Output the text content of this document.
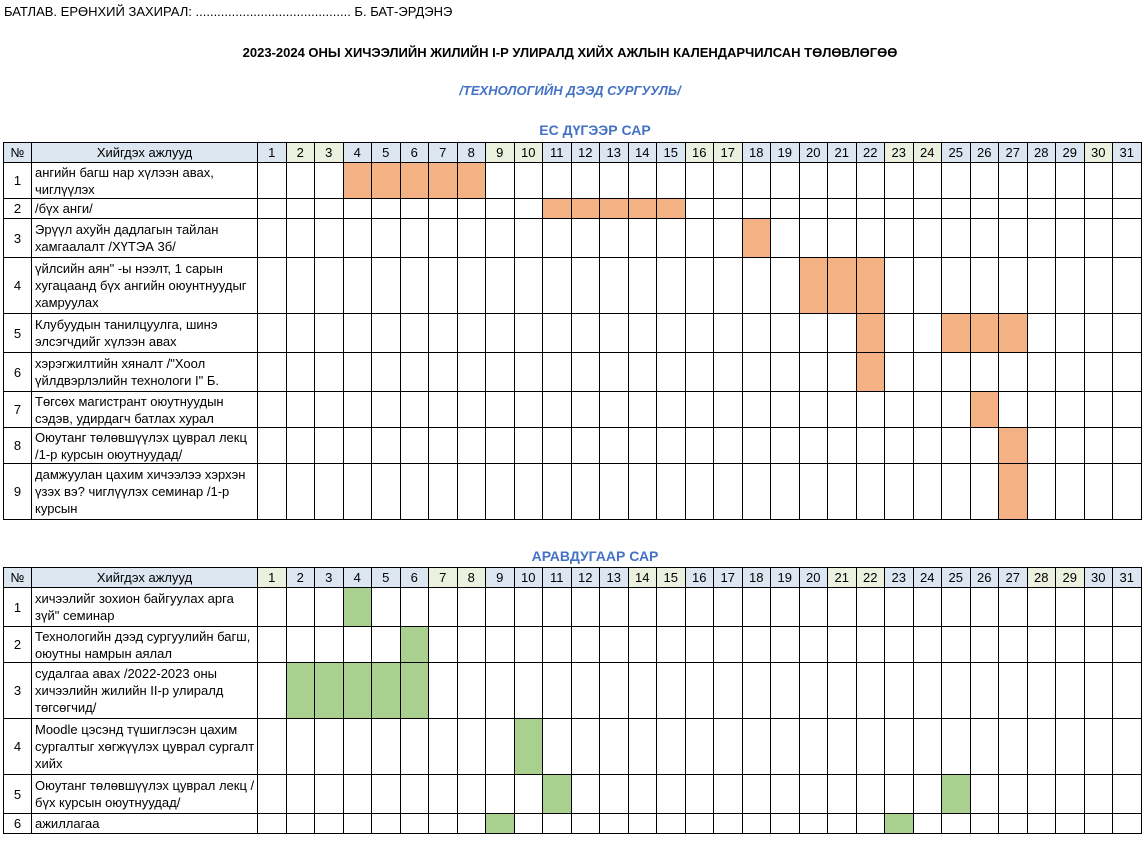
БАТЛАВ. ЕРӨНХИЙ ЗАХИРАЛ: ........................................... Б. БАТ-ЭРДЭНЭ
2023-2024 ОНЫ ХИЧЭЭЛИЙН ЖИЛИЙН I-Р УЛИРАЛД ХИЙХ АЖЛЫН КАЛЕНДАРЧИЛСАН ТӨЛӨВЛӨГӨӨ
/ТЕХНОЛОГИЙН ДЭЭД СУРГУУЛЬ/
ЕС ДҮГЭЭР САР
№	Хийгдэх ажлууд	1	2	3	4	5	6	7	8	9	10	11	12	13	14	15	16	17	18	19	20	21	22	23	24	25	26	27	28	29	30	31
1	ангийн багш нар хүлээн авах, чиглүүлэх																															
2	/бүх анги/																															
3	Эрүүл ахуйн дадлагын тайлан хамгаалалт /ХҮТЭА 3б/																															
4	үйлсийн аян" -ы нээлт, 1 сарын хугацаанд бүх ангийн оюунтнуудыг хамруулах																															
5	Клубуудын танилцуулга, шинэ элсэгчдийг хүлээн авах																															
6	хэрэгжилтийн хяналт /"Хоол үйлдвэрлэлийн технологи I" Б.																															
7	Төгсөх магистрант оюутнуудын сэдэв, удирдагч батлах хурал																															
8	Оюутанг төлөвшүүлэх цуврал лекц /1-р курсын оюутнуудад/																															
9	дамжуулан цахим хичээлээ хэрхэн үзэх вэ? чиглүүлэх семинар /1-р курсын																															
АРАВДУГААР САР
№	Хийгдэх ажлууд	1	2	3	4	5	6	7	8	9	10	11	12	13	14	15	16	17	18	19	20	21	22	23	24	25	26	27	28	29	30	31
1	хичээлийг зохион байгуулах арга зүй" семинар																															
2	Технологийн дээд сургуулийн багш, оюутны намрын аялал																															
3	судалгаа авах /2022-2023 оны хичээлийн жилийн II-р улиралд төгсөгчид/																															
4	Moodle цэсэнд түшиглэсэн цахим сургалтыг хөгжүүлэх цуврал сургалт хийх																															
5	Оюутанг төлөвшүүлэх цуврал лекц /бүх курсын оюутнуудад/																															
6	ажиллагаа																															
